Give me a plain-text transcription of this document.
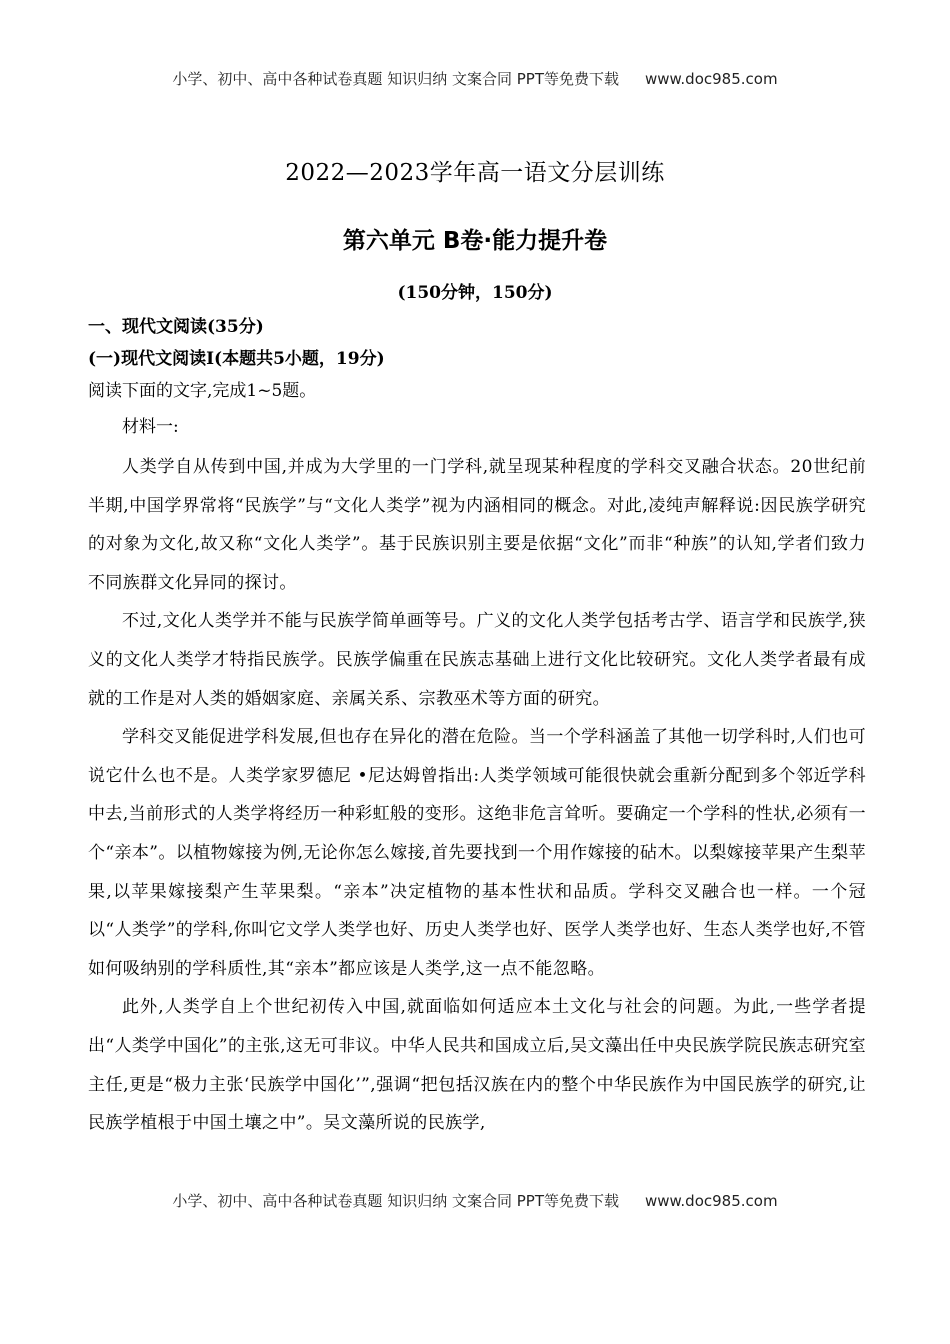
小学、初中、高中各种试卷真题 知识归纳 文案合同 PPT等免费下载 www.doc985.com
2022—2023学年高一语文分层训练
第六单元 B卷·能力提升卷
(150分钟，150分)
一、现代文阅读(35分)
(一)现代文阅读Ⅰ(本题共5小题，19分)
阅读下面的文字,完成1~5题。
材料一:

人类学自从传到中国,并成为大学里的一门学科,就呈现某种程度的学科交叉融合状态。20世纪前半期,中国学界常将“民族学”与“文化人类学”视为内涵相同的概念。对此,凌纯声解释说:因民族学研究的对象为文化,故又称“文化人类学”。基于民族识别主要是依据“文化”而非“种族”的认知,学者们致力不同族群文化异同的探讨。

不过,文化人类学并不能与民族学简单画等号。广义的文化人类学包括考古学、语言学和民族学,狭义的文化人类学才特指民族学。民族学偏重在民族志基础上进行文化比较研究。文化人类学者最有成就的工作是对人类的婚姻家庭、亲属关系、宗教巫术等方面的研究。

学科交叉能促进学科发展,但也存在异化的潜在危险。当一个学科涵盖了其他一切学科时,人们也可说它什么也不是。人类学家罗德尼 •尼达姆曾指出:人类学领域可能很快就会重新分配到多个邻近学科中去,当前形式的人类学将经历一种彩虹般的变形。这绝非危言耸听。要确定一个学科的性状,必须有一个“亲本”。以植物嫁接为例,无论你怎么嫁接,首先要找到一个用作嫁接的砧木。以梨嫁接苹果产生梨苹果,以苹果嫁接梨产生苹果梨。“亲本”决定植物的基本性状和品质。学科交叉融合也一样。一个冠以“人类学”的学科,你叫它文学人类学也好、历史人类学也好、医学人类学也好、生态人类学也好,不管如何吸纳别的学科质性,其“亲本”都应该是人类学,这一点不能忽略。

此外,人类学自上个世纪初传入中国,就面临如何适应本土文化与社会的问题。为此,一些学者提出“人类学中国化”的主张,这无可非议。中华人民共和国成立后,吴文藻出任中央民族学院民族志研究室主任,更是“极力主张‘民族学中国化’”,强调“把包括汉族在内的整个中华民族作为中国民族学的研究,让民族学植根于中国土壤之中”。吴文藻所说的民族学,

小学、初中、高中各种试卷真题 知识归纳 文案合同 PPT等免费下载 www.doc985.com
